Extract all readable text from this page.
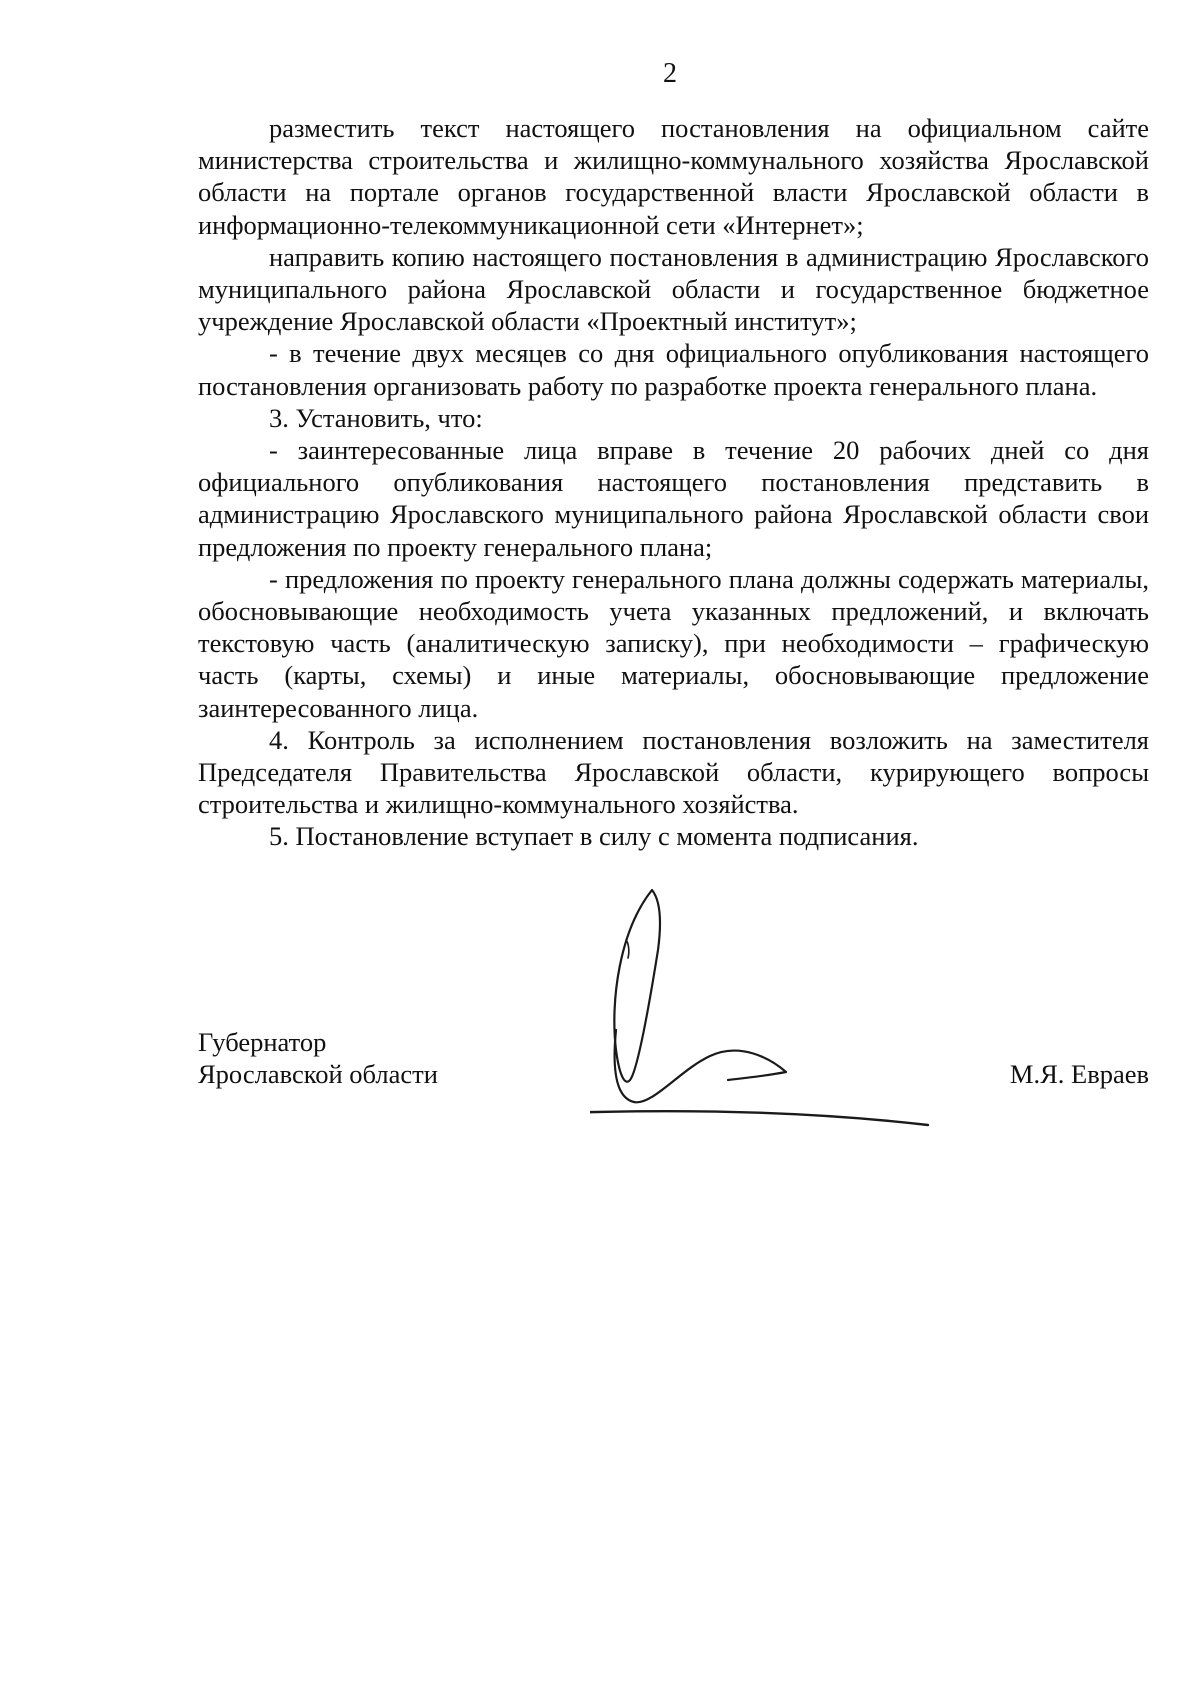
2

разместить текст настоящего постановления на официальном сайте министерства строительства и жилищно-коммунального хозяйства Ярославской области на портале органов государственной власти Ярославской области в информационно-телекоммуникационной сети «Интернет»;

направить копию настоящего постановления в администрацию Ярославского муниципального района Ярославской области и государственное бюджетное учреждение Ярославской области «Проектный институт»;

- в течение двух месяцев со дня официального опубликования настоящего постановления организовать работу по разработке проекта генерального плана.

3. Установить, что:

- заинтересованные лица вправе в течение 20 рабочих дней со дня официального опубликования настоящего постановления представить в администрацию Ярославского муниципального района Ярославской области свои предложения по проекту генерального плана;

- предложения по проекту генерального плана должны содержать материалы, обосновывающие необходимость учета указанных предложений, и включать текстовую часть (аналитическую записку), при необходимости – графическую часть (карты, схемы) и иные материалы, обосновывающие предложение заинтересованного лица.

4. Контроль за исполнением постановления возложить на заместителя Председателя Правительства Ярославской области, курирующего вопросы строительства и жилищно-коммунального хозяйства.

5. Постановление вступает в силу с момента подписания.

Губернатор
Ярославской области	М.Я. Евраев
